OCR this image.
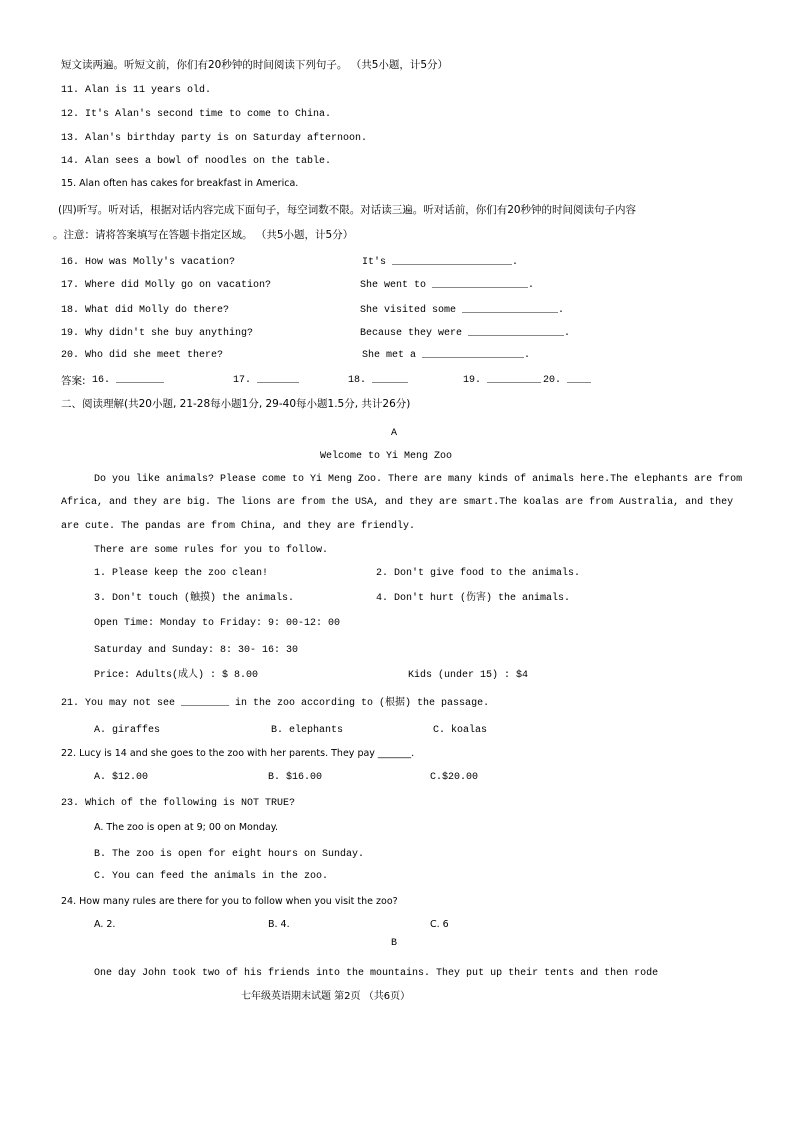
短文读两遍。听短文前，你们有20秒钟的时间阅读下列句子。 （共5小题，计5分）
11. Alan is 11 years old.
12. It's Alan's second time to come to China.
13. Alan's birthday party is on Saturday afternoon.
14. Alan sees a bowl of noodles on the table.
15. Alan often has cakes for breakfast in America.
(四)听写。听对话，根据对话内容完成下面句子，每空词数不限。对话读三遍。听对话前，你们有20秒钟的时间阅读句子内容
。注意：请将答案填写在答题卡指定区域。 （共5小题，计5分）
16. How was Molly's vacation?	It's ____________________.
17. Where did Molly go on vacation?	She went to ________________.
18. What did Molly do there?	She visited some ________________.
19. Why didn't she buy anything?	Because they were ________________.
20. Who did she meet there?	She met a _________________.
答案: 16. ________	17. _______	18. ______	19. _________ 20. ____
二、阅读理解(共20小题, 21-28每小题1分, 29-40每小题1.5分, 共计26分)
A
Welcome to Yi Meng Zoo
Do you like animals? Please come to Yi Meng Zoo. There are many kinds of animals here.The elephants are from
Africa, and they are big. The lions are from the USA, and they are smart.The koalas are from Australia, and they
are cute. The pandas are from China, and they are friendly.
There are some rules for you to follow.
1. Please keep the zoo clean!	2. Don't give food to the animals.
3. Don't touch (触摸) the animals.	4. Don't hurt (伤害) the animals.
Open Time: Monday to Friday: 9: 00-12: 00
Saturday and Sunday: 8: 30- 16: 30
Price: Adults(成人) : $ 8.00	Kids (under 15) : $4
21. You may not see ________ in the zoo according to (根据) the passage.
A. giraffes	B. elephants	C. koalas
22. Lucy is 14 and she goes to the zoo with her parents. They pay _______.
A. $12.00	B. $16.00	C.$20.00
23. Which of the following is NOT TRUE?
A. The zoo is open at 9; 00 on Monday.
B. The zoo is open for eight hours on Sunday.
C. You can feed the animals in the zoo.
24. How many rules are there for you to follow when you visit the zoo?
A. 2.	B. 4.	C. 6
B
One day John took two of his friends into the mountains. They put up their tents and then rode
七年级英语期末试题 第2页 （共6页）
